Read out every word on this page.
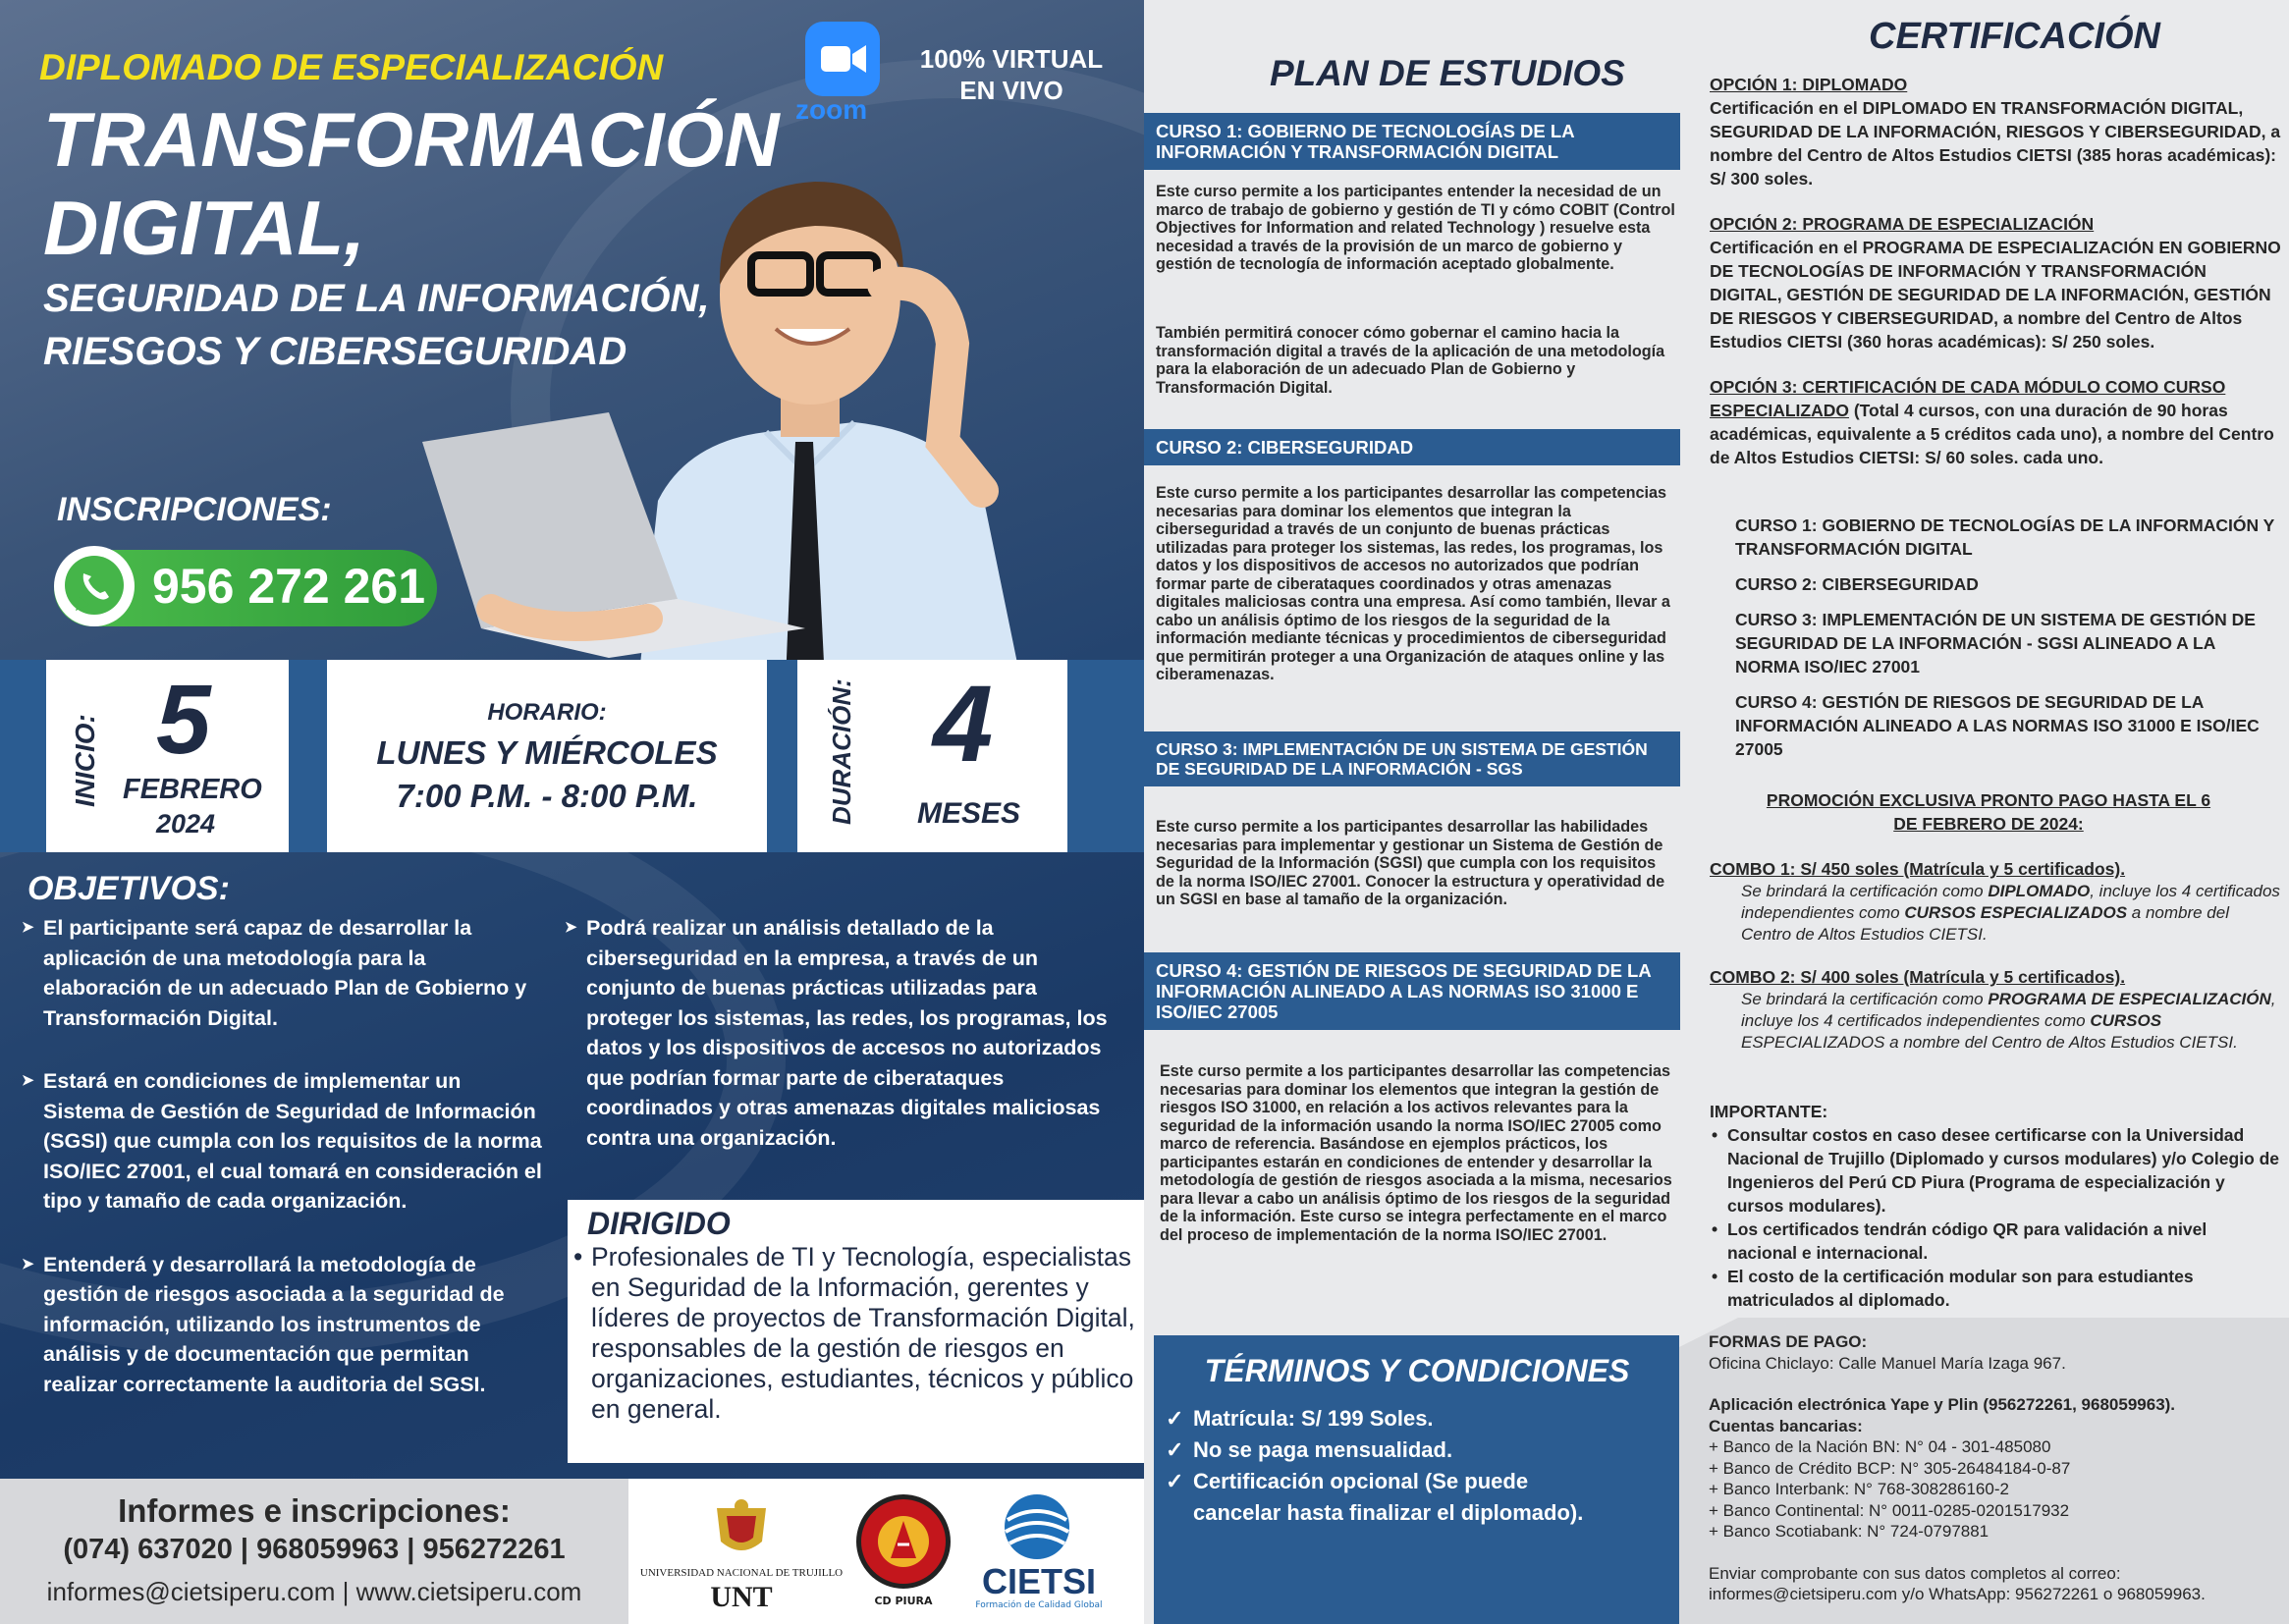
DIPLOMADO DE ESPECIALIZACIÓN
TRANSFORMACIÓN
DIGITAL,
SEGURIDAD DE LA INFORMACIÓN,
RIESGOS Y CIBERSEGURIDAD
zoom
100% VIRTUAL
EN VIVO
INSCRIPCIONES:
956 272 261
INICIO: 5
FEBRERO
2024
HORARIO:
LUNES Y MIÉRCOLES
7:00 P.M. - 8:00 P.M.	DURACIÓN: 4
MESES
OBJETIVOS:
➤ El participante será capaz de desarrollar la aplicación de una metodología para la elaboración de un adecuado Plan de Gobierno y Transformación Digital.
➤ Estará en condiciones de implementar un Sistema de Gestión de Seguridad de Información (SGSI) que cumpla con los requisitos de la norma ISO/IEC 27001, el cual tomará en consideración el tipo y tamaño de cada organización.
➤ Entenderá y desarrollará la metodología de gestión de riesgos asociada a la seguridad de información, utilizando los instrumentos de análisis y de documentación que permitan realizar correctamente la auditoria del SGSI.
➤ Podrá realizar un análisis detallado de la ciberseguridad en la empresa, a través de un conjunto de buenas prácticas utilizadas para proteger los sistemas, las redes, los programas, los datos y los dispositivos de accesos no autorizados que podrían formar parte de ciberataques coordinados y otras amenazas digitales maliciosas contra una organización.
DIRIGIDO
• Profesionales de TI y Tecnología, especialistas en Seguridad de la Información, gerentes y líderes de proyectos de Transformación Digital, responsables de la gestión de riesgos en organizaciones, estudiantes, técnicos y público en general.
Informes e inscripciones:
(074) 637020 | 968059963 | 956272261
informes@cietsiperu.com | www.cietsiperu.com
UNIVERSIDAD NACIONAL DE TRUJILLO
UNT	CD PIURA	CIETSI
Formación de Calidad Global
PLAN DE ESTUDIOS
CURSO 1: GOBIERNO DE TECNOLOGÍAS DE LA INFORMACIÓN Y TRANSFORMACIÓN DIGITAL
Este curso permite a los participantes entender la necesidad de un marco de trabajo de gobierno y gestión de TI y cómo COBIT (Control Objectives for Information and related Technology ) resuelve esta necesidad a través de la provisión de un marco de gobierno y gestión de tecnología de información aceptado globalmente.
También permitirá conocer cómo gobernar el camino hacia la transformación digital a través de la aplicación de una metodología para la elaboración de un adecuado Plan de Gobierno y Transformación Digital.
CURSO 2: CIBERSEGURIDAD
Este curso permite a los participantes desarrollar las competencias necesarias para dominar los elementos que integran la ciberseguridad a través de un conjunto de buenas prácticas utilizadas para proteger los sistemas, las redes, los programas, los datos y los dispositivos de accesos no autorizados que podrían formar parte de ciberataques coordinados y otras amenazas digitales maliciosas contra una empresa. Así como también, llevar a cabo un análisis óptimo de los riesgos de la seguridad de la información mediante técnicas y procedimientos de ciberseguridad que permitirán proteger a una Organización de ataques online y las ciberamenazas.
CURSO 3: IMPLEMENTACIÓN DE UN SISTEMA DE GESTIÓN DE SEGURIDAD DE LA INFORMACIÓN - SGS
Este curso permite a los participantes desarrollar las habilidades necesarias para implementar y gestionar un Sistema de Gestión de Seguridad de la Información (SGSI) que cumpla con los requisitos de la norma ISO/IEC 27001. Conocer la estructura y operatividad de un SGSI en base al tamaño de la organización.
CURSO 4: GESTIÓN DE RIESGOS DE SEGURIDAD DE LA INFORMACIÓN ALINEADO A LAS NORMAS ISO 31000 E ISO/IEC 27005
Este curso permite a los participantes desarrollar las competencias necesarias para dominar los elementos que integran la gestión de riesgos ISO 31000, en relación a los activos relevantes para la seguridad de la información usando la norma ISO/IEC 27005 como marco de referencia. Basándose en ejemplos prácticos, los participantes estarán en condiciones de entender y desarrollar la metodología de gestión de riesgos asociada a la misma, necesarios para llevar a cabo un análisis óptimo de los riesgos de la seguridad de la información. Este curso se integra perfectamente en el marco del proceso de implementación de la norma ISO/IEC 27001.
TÉRMINOS Y CONDICIONES
✓ Matrícula: S/ 199 Soles.
✓ No se paga mensualidad.
✓ Certificación opcional (Se puede cancelar hasta finalizar el diplomado).
CERTIFICACIÓN
OPCIÓN 1: DIPLOMADO
Certificación en el DIPLOMADO EN TRANSFORMACIÓN DIGITAL, SEGURIDAD DE LA INFORMACIÓN, RIESGOS Y CIBERSEGURIDAD, a nombre del Centro de Altos Estudios CIETSI (385 horas académicas): S/ 300 soles.
OPCIÓN 2: PROGRAMA DE ESPECIALIZACIÓN
Certificación en el PROGRAMA DE ESPECIALIZACIÓN EN GOBIERNO DE TECNOLOGÍAS DE INFORMACIÓN Y TRANSFORMACIÓN DIGITAL, GESTIÓN DE SEGURIDAD DE LA INFORMACIÓN, GESTIÓN DE RIESGOS Y CIBERSEGURIDAD, a nombre del Centro de Altos Estudios CIETSI (360 horas académicas): S/ 250 soles.
OPCIÓN 3: CERTIFICACIÓN DE CADA MÓDULO COMO CURSO ESPECIALIZADO (Total 4 cursos, con una duración de 90 horas académicas, equivalente a 5 créditos cada uno), a nombre del Centro de Altos Estudios CIETSI: S/ 60 soles. cada uno.
CURSO 1: GOBIERNO DE TECNOLOGÍAS DE LA INFORMACIÓN Y TRANSFORMACIÓN DIGITAL
CURSO 2: CIBERSEGURIDAD
CURSO 3: IMPLEMENTACIÓN DE UN SISTEMA DE GESTIÓN DE SEGURIDAD DE LA INFORMACIÓN - SGSI ALINEADO A LA NORMA ISO/IEC 27001
CURSO 4: GESTIÓN DE RIESGOS DE SEGURIDAD DE LA INFORMACIÓN ALINEADO A LAS NORMAS ISO 31000 E ISO/IEC 27005
PROMOCIÓN EXCLUSIVA PRONTO PAGO HASTA EL 6 DE FEBRERO DE 2024:
COMBO 1: S/ 450 soles (Matrícula y 5 certificados).
Se brindará la certificación como DIPLOMADO, incluye los 4 certificados independientes como CURSOS ESPECIALIZADOS a nombre del Centro de Altos Estudios CIETSI.
COMBO 2: S/ 400 soles (Matrícula y 5 certificados).
Se brindará la certificación como PROGRAMA DE ESPECIALIZACIÓN, incluye los 4 certificados independientes como CURSOS ESPECIALIZADOS a nombre del Centro de Altos Estudios CIETSI.
IMPORTANTE:
• Consultar costos en caso desee certificarse con la Universidad Nacional de Trujillo (Diplomado y cursos modulares) y/o Colegio de Ingenieros del Perú CD Piura (Programa de especialización y cursos modulares).
• Los certificados tendrán código QR para validación a nivel nacional e internacional.
• El costo de la certificación modular son para estudiantes matriculados al diplomado.
FORMAS DE PAGO:
Oficina Chiclayo: Calle Manuel María Izaga 967.
Aplicación electrónica Yape y Plin (956272261, 968059963).
Cuentas bancarias:
+ Banco de la Nación BN: N° 04 - 301-485080
+ Banco de Crédito BCP: N° 305-26484184-0-87
+ Banco Interbank: N° 768-308286160-2
+ Banco Continental: N° 0011-0285-0201517932
+ Banco Scotiabank: N° 724-0797881
Enviar comprobante con sus datos completos al correo: informes@cietsiperu.com y/o WhatsApp: 956272261 o 968059963.
